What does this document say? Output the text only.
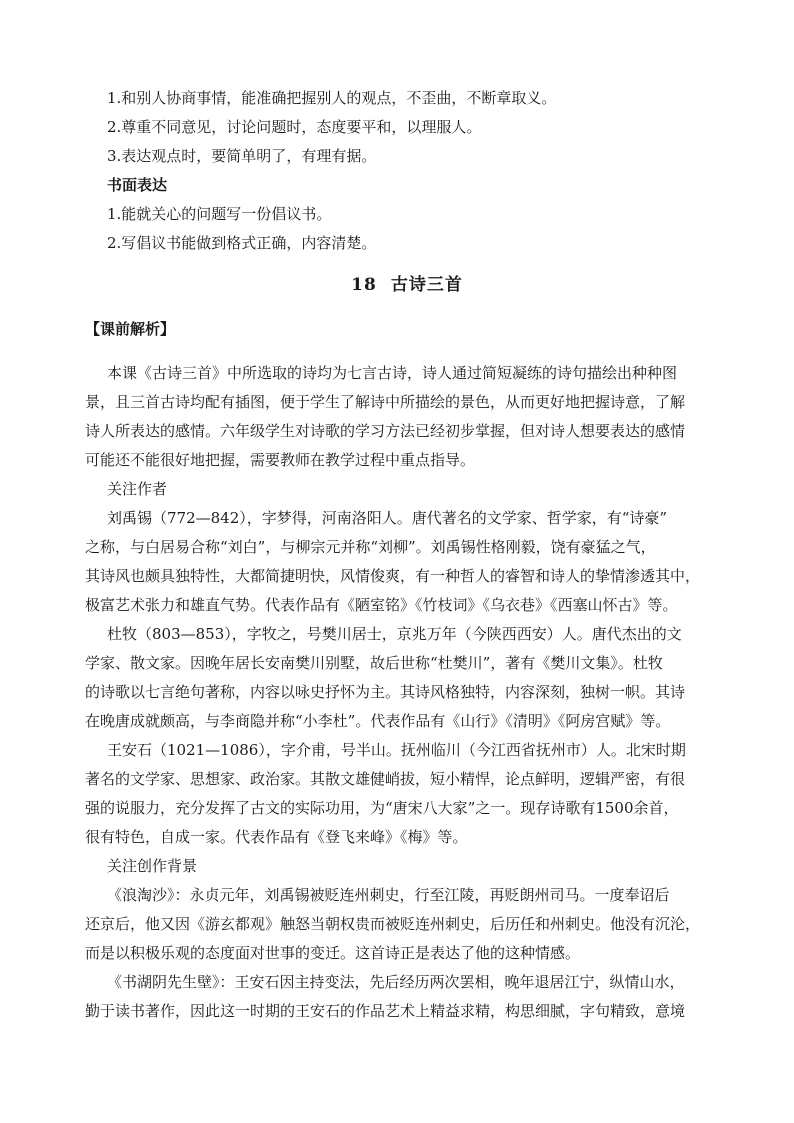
1.和别人协商事情，能准确把握别人的观点，不歪曲，不断章取义。

2.尊重不同意见，讨论问题时，态度要平和，以理服人。

3.表达观点时，要简单明了，有理有据。

书面表达

1.能就关心的问题写一份倡议书。

2.写倡议书能做到格式正确，内容清楚。

18 古诗三首

【课前解析】

本课《古诗三首》中所选取的诗均为七言古诗，诗人通过简短凝练的诗句描绘出种种图

景，且三首古诗均配有插图，便于学生了解诗中所描绘的景色，从而更好地把握诗意，了解

诗人所表达的感情。六年级学生对诗歌的学习方法已经初步掌握，但对诗人想要表达的感情

可能还不能很好地把握，需要教师在教学过程中重点指导。

关注作者

刘禹锡（772—842），字梦得，河南洛阳人。唐代著名的文学家、哲学家，有“诗豪”

之称，与白居易合称“刘白”，与柳宗元并称“刘柳”。刘禹锡性格刚毅，饶有豪猛之气，

其诗风也颇具独特性，大都简捷明快，风情俊爽，有一种哲人的睿智和诗人的挚情渗透其中，

极富艺术张力和雄直气势。代表作品有《陋室铭》《竹枝词》《乌衣巷》《西塞山怀古》等。

杜牧（803—853），字牧之，号樊川居士，京兆万年（今陕西西安）人。唐代杰出的文

学家、散文家。因晚年居长安南樊川别墅，故后世称“杜樊川”，著有《樊川文集》。杜牧

的诗歌以七言绝句著称，内容以咏史抒怀为主。其诗风格独特，内容深刻，独树一帜。其诗

在晚唐成就颇高，与李商隐并称“小李杜”。代表作品有《山行》《清明》《阿房宫赋》等。

王安石（1021—1086），字介甫，号半山。抚州临川（今江西省抚州市）人。北宋时期

著名的文学家、思想家、政治家。其散文雄健峭拔，短小精悍，论点鲜明，逻辑严密，有很

强的说服力，充分发挥了古文的实际功用，为“唐宋八大家”之一。现存诗歌有1500余首，

很有特色，自成一家。代表作品有《登飞来峰》《梅》等。

关注创作背景

《浪淘沙》：永贞元年，刘禹锡被贬连州刺史，行至江陵，再贬朗州司马。一度奉诏后

还京后，他又因《游玄都观》触怒当朝权贵而被贬连州刺史，后历任和州刺史。他没有沉沦，

而是以积极乐观的态度面对世事的变迁。这首诗正是表达了他的这种情感。

《书湖阴先生壁》：王安石因主持变法，先后经历两次罢相，晚年退居江宁，纵情山水，

勤于读书著作，因此这一时期的王安石的作品艺术上精益求精，构思细腻，字句精致，意境
